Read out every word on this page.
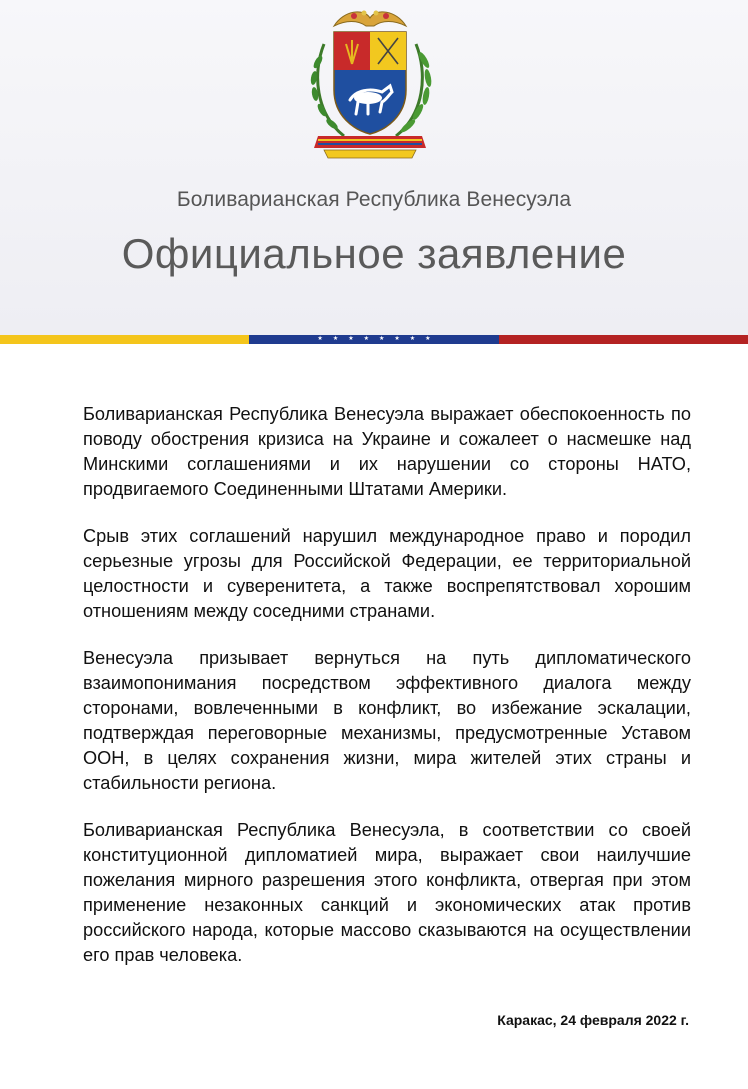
Боливарианская Республика Венесуэла
Официальное заявление
★ ★ ★ ★ ★ ★ ★ ★

Боливарианская Республика Венесуэла выражает обеспокоенность по поводу обострения кризиса на Украине и сожалеет о насмешке над Минскими соглашениями и их нарушении со стороны НАТО, продвигаемого Соединенными Штатами Америки.

Срыв этих соглашений нарушил международное право и породил серьезные угрозы для Российской Федерации, ее территориальной целостности и суверенитета, а также воспрепятствовал хорошим отношениям между соседними странами.

Венесуэла призывает вернуться на путь дипломатического взаимопонимания посредством эффективного диалога между сторонами, вовлеченными в конфликт, во избежание эскалации, подтверждая переговорные механизмы, предусмотренные Уставом ООН, в целях сохранения жизни, мира жителей этих страны и стабильности региона.

Боливарианская Республика Венесуэла, в соответствии со своей конституционной дипломатией мира, выражает свои наилучшие пожелания мирного разрешения этого конфликта, отвергая при этом применение незаконных санкций и экономических атак против российского народа, которые массово сказываются на осуществлении его прав человека.

Каракас, 24 февраля 2022 г.
